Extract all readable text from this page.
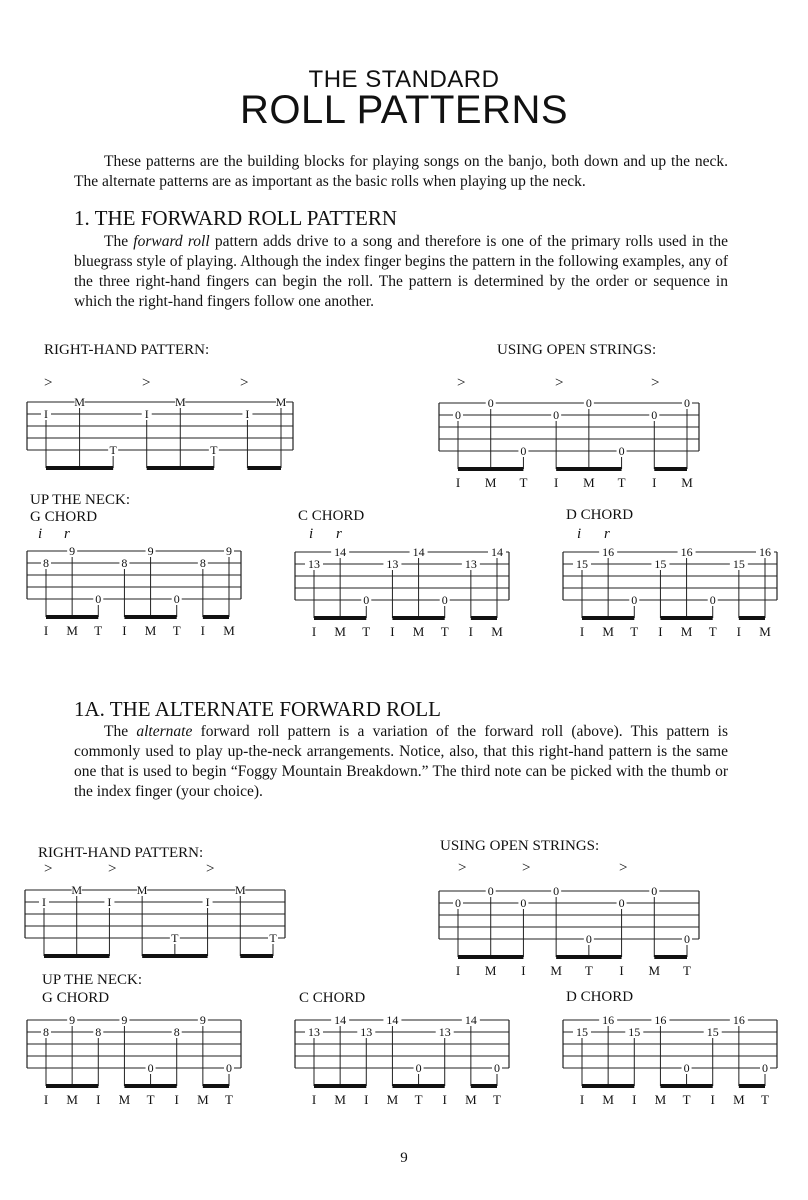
THE STANDARD
ROLL PATTERNS
These patterns are the building blocks for playing songs on the banjo, both down and up the neck. The alternate patterns are as important as the basic rolls when playing up the neck.
1. THE FORWARD ROLL PATTERN
The forward roll pattern adds drive to a song and therefore is one of the primary rolls used in the bluegrass style of playing. Although the index finger begins the pattern in the following examples, any of the three right-hand fingers can begin the roll. The pattern is determined by the order or sequence in which the right-hand fingers follow one another.
RIGHT-HAND PATTERN:	USING OPEN STRINGS:
>	>	>	>	>	>
I
M
T
I
M
T
I
M
0
0
0
0
0
0
0
0
I M T I M T I M
UP THE NECK:
G CHORD	C CHORD	D CHORD
i r	i r	i r
8
9
0
8
9
0
8
9
I M T I M T I M
13
14
0
13
14
0
13
14
I M T I M T I M
15
16
0
15
16
0
15
16
I M T I M T I M
1A. THE ALTERNATE FORWARD ROLL
The alternate forward roll pattern is a variation of the forward roll (above). This pattern is commonly used to play up-the-neck arrangements. Notice, also, that this right-hand pattern is the same one that is used to begin “Foggy Mountain Breakdown.” The third note can be picked with the thumb or the index finger (your choice).
RIGHT-HAND PATTERN:	USING OPEN STRINGS:
>	>	>	>	>	>
I
M
I
M
T
I
M
T
0
0
0
0
0
0
0
0
I M I M T I M T
UP THE NECK:
G CHORD	C CHORD	D CHORD
8
9
8
9
0
8
9
0
I M I M T I M T
13
14
13
14
0
13
14
0
I M I M T I M T
15
16
15
16
0
15
16
0
I M I M T I M T
9
